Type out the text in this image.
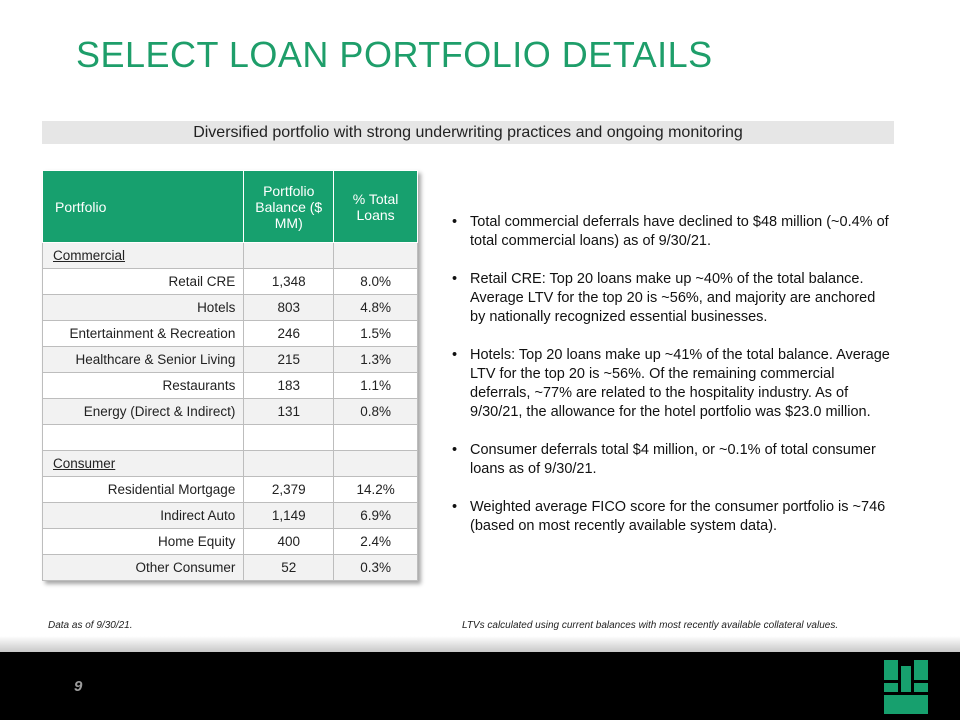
SELECT LOAN PORTFOLIO DETAILS
Diversified portfolio with strong underwriting practices and ongoing monitoring
Portfolio	Portfolio Balance ($ MM)	% Total Loans
Commercial		
Retail CRE	1,348	8.0%
Hotels	803	4.8%
Entertainment & Recreation	246	1.5%
Healthcare & Senior Living	215	1.3%
Restaurants	183	1.1%
Energy (Direct & Indirect)	131	0.8%

Consumer		
Residential Mortgage	2,379	14.2%
Indirect Auto	1,149	6.9%
Home Equity	400	2.4%
Other Consumer	52	0.3%
• Total commercial deferrals have declined to $48 million (~0.4% of total commercial loans) as of 9/30/21.
• Retail CRE: Top 20 loans make up ~40% of the total balance. Average LTV for the top 20 is ~56%, and majority are anchored by nationally recognized essential businesses.
• Hotels: Top 20 loans make up ~41% of the total balance. Average LTV for the top 20 is ~56%. Of the remaining commercial deferrals, ~77% are related to the hospitality industry. As of 9/30/21, the allowance for the hotel portfolio was $23.0 million.
• Consumer deferrals total $4 million, or ~0.1% of total consumer loans as of 9/30/21.
• Weighted average FICO score for the consumer portfolio is ~746 (based on most recently available system data).
Data as of 9/30/21.	LTVs calculated using current balances with most recently available collateral values.
9
